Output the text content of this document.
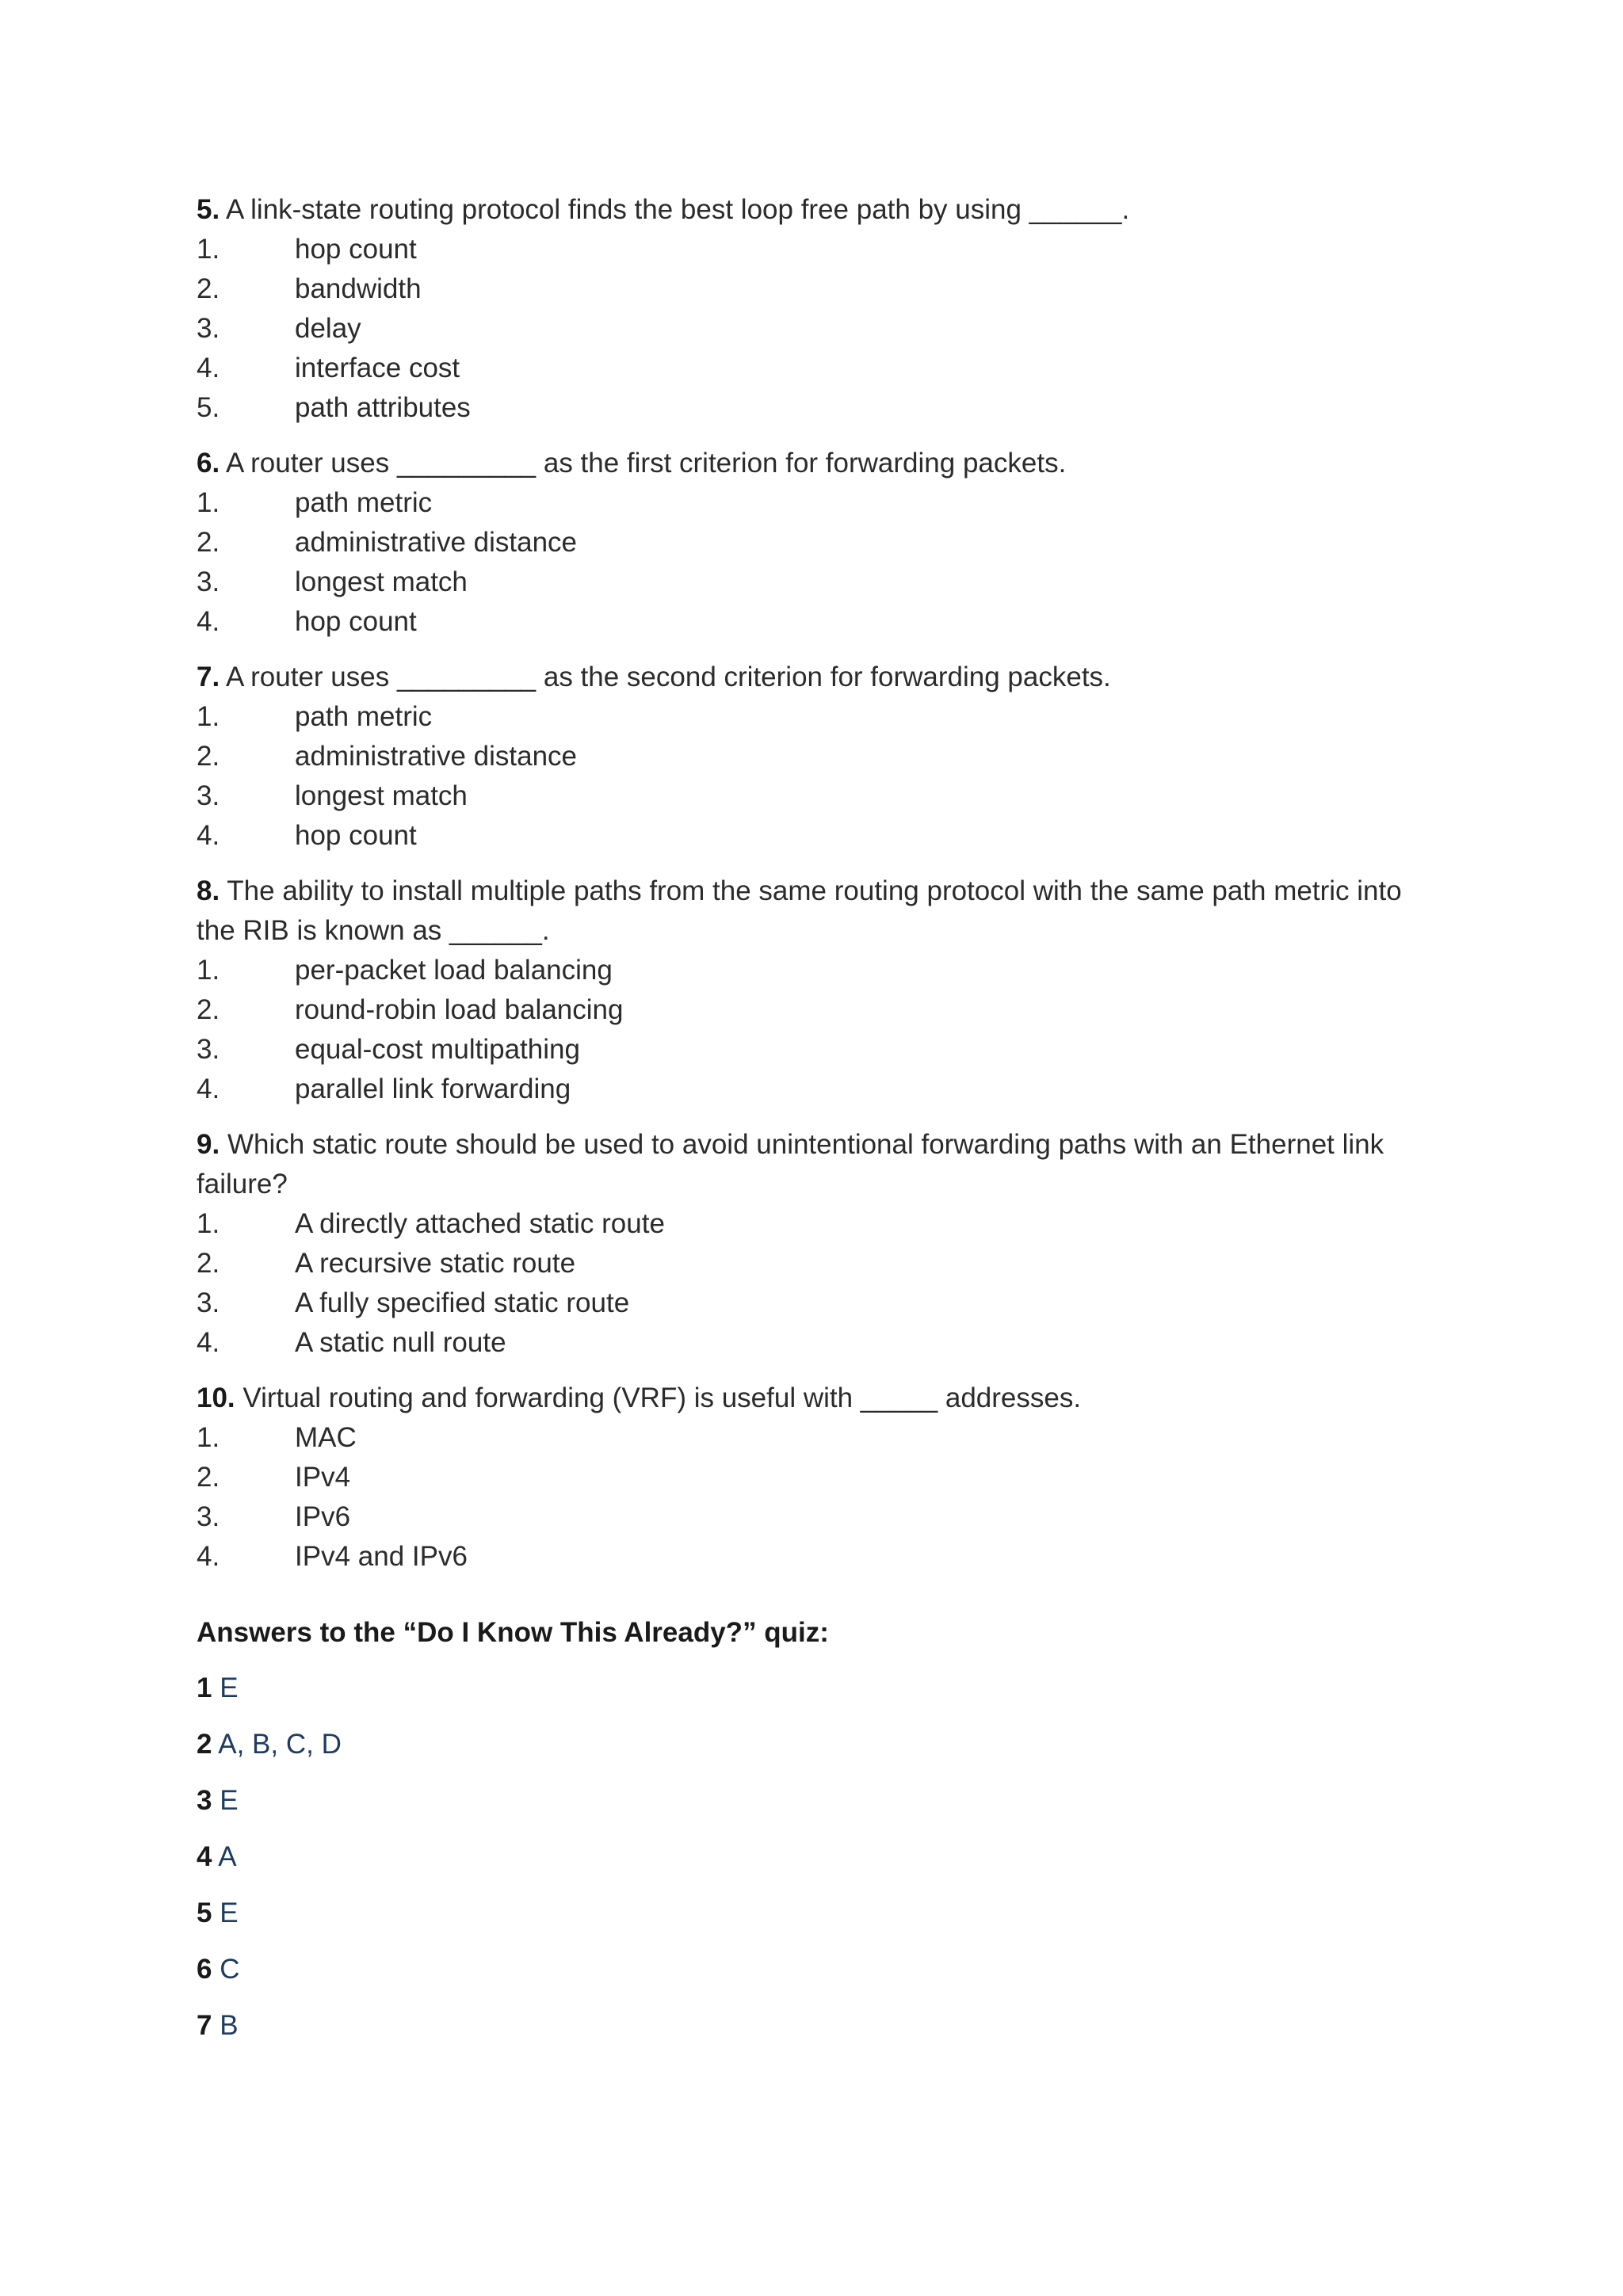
5. A link-state routing protocol finds the best loop free path by using ______.
1.	hop count
2.	bandwidth
3.	delay
4.	interface cost
5.	path attributes
6. A router uses _________ as the first criterion for forwarding packets.
1.	path metric
2.	administrative distance
3.	longest match
4.	hop count
7. A router uses _________ as the second criterion for forwarding packets.
1.	path metric
2.	administrative distance
3.	longest match
4.	hop count
8. The ability to install multiple paths from the same routing protocol with the same path metric into
the RIB is known as ______.
1.	per-packet load balancing
2.	round-robin load balancing
3.	equal-cost multipathing
4.	parallel link forwarding
9. Which static route should be used to avoid unintentional forwarding paths with an Ethernet link
failure?
1.	A directly attached static route
2.	A recursive static route
3.	A fully specified static route
4.	A static null route
10. Virtual routing and forwarding (VRF) is useful with _____ addresses.
1.	MAC
2.	IPv4
3.	IPv6
4.	IPv4 and IPv6
Answers to the “Do I Know This Already?” quiz:
1 E
2 A, B, C, D
3 E
4 A
5 E
6 C
7 B
